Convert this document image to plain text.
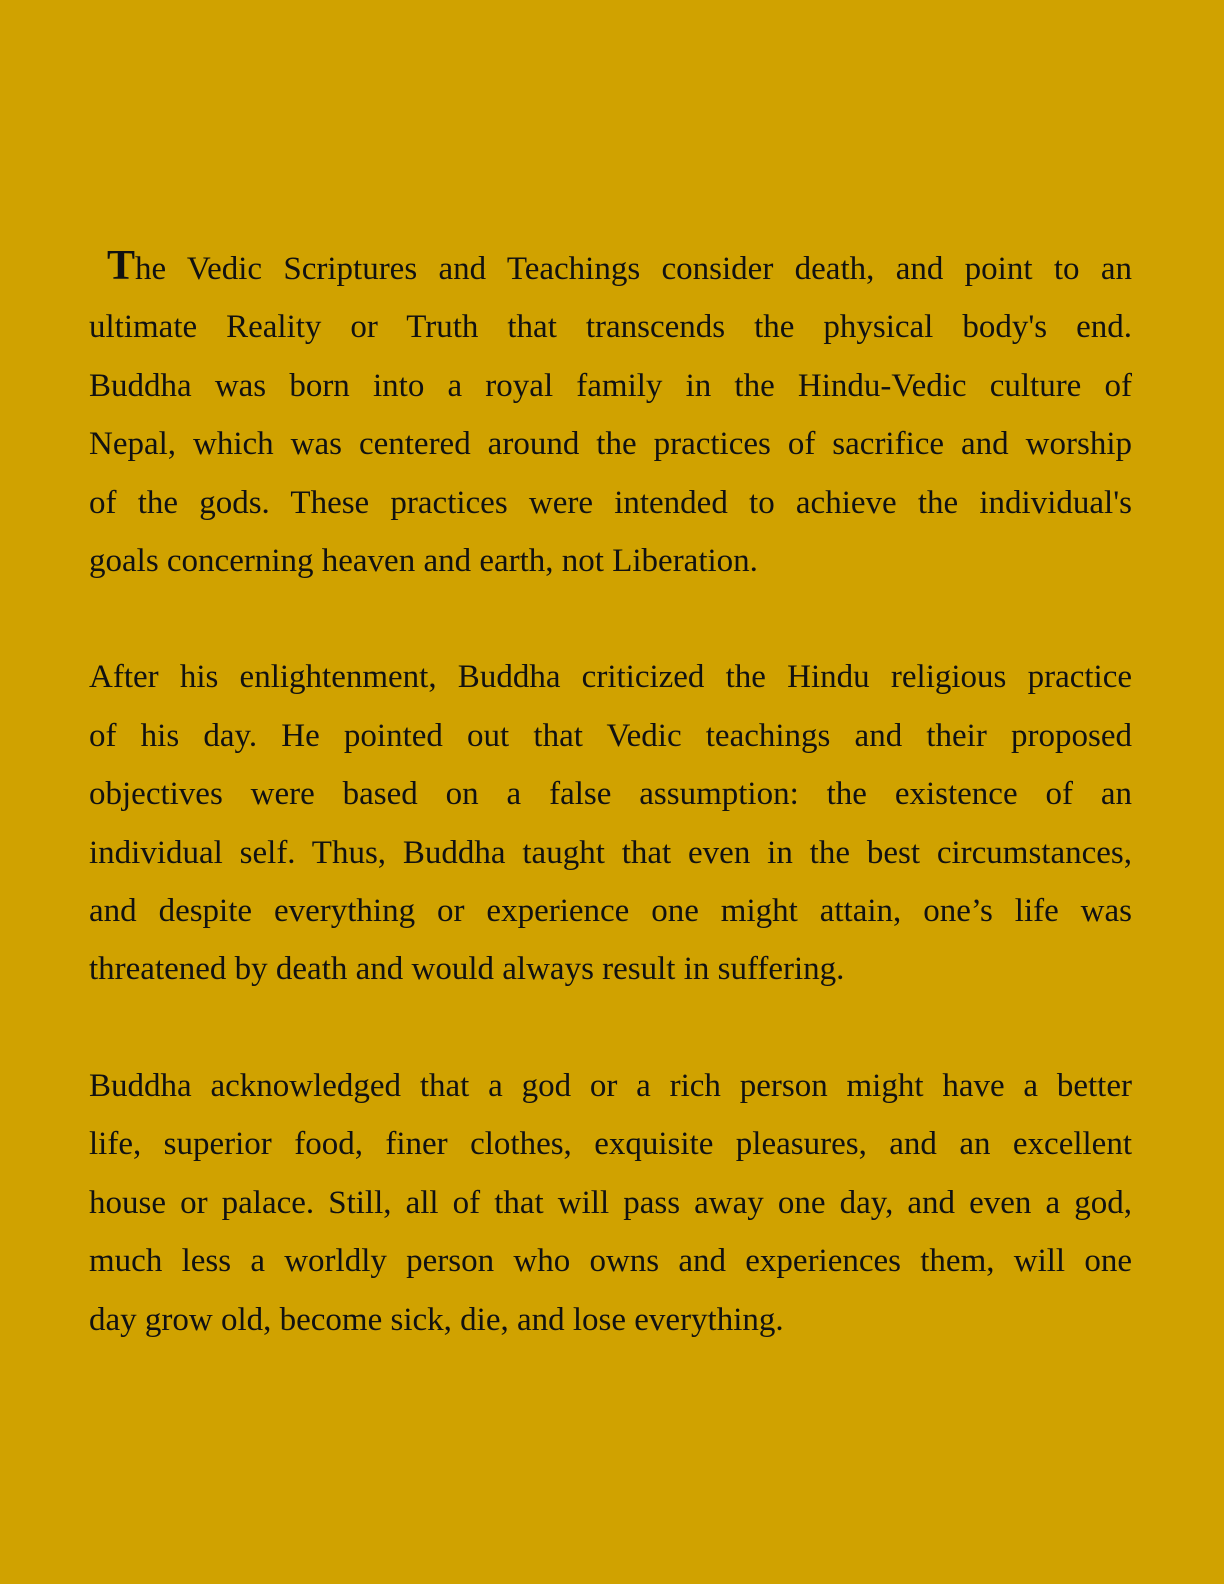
The Vedic Scriptures and Teachings consider death, and point to an
ultimate Reality or Truth that transcends the physical body's end.
Buddha was born into a royal family in the Hindu-Vedic culture of
Nepal, which was centered around the practices of sacrifice and worship
of the gods. These practices were intended to achieve the individual's
goals concerning heaven and earth, not Liberation.

After his enlightenment, Buddha criticized the Hindu religious practice
of his day. He pointed out that Vedic teachings and their proposed
objectives were based on a false assumption: the existence of an
individual self. Thus, Buddha taught that even in the best circumstances,
and despite everything or experience one might attain, one’s life was
threatened by death and would always result in suffering.

Buddha acknowledged that a god or a rich person might have a better
life, superior food, finer clothes, exquisite pleasures, and an excellent
house or palace. Still, all of that will pass away one day, and even a god,
much less a worldly person who owns and experiences them, will one
day grow old, become sick, die, and lose everything.
